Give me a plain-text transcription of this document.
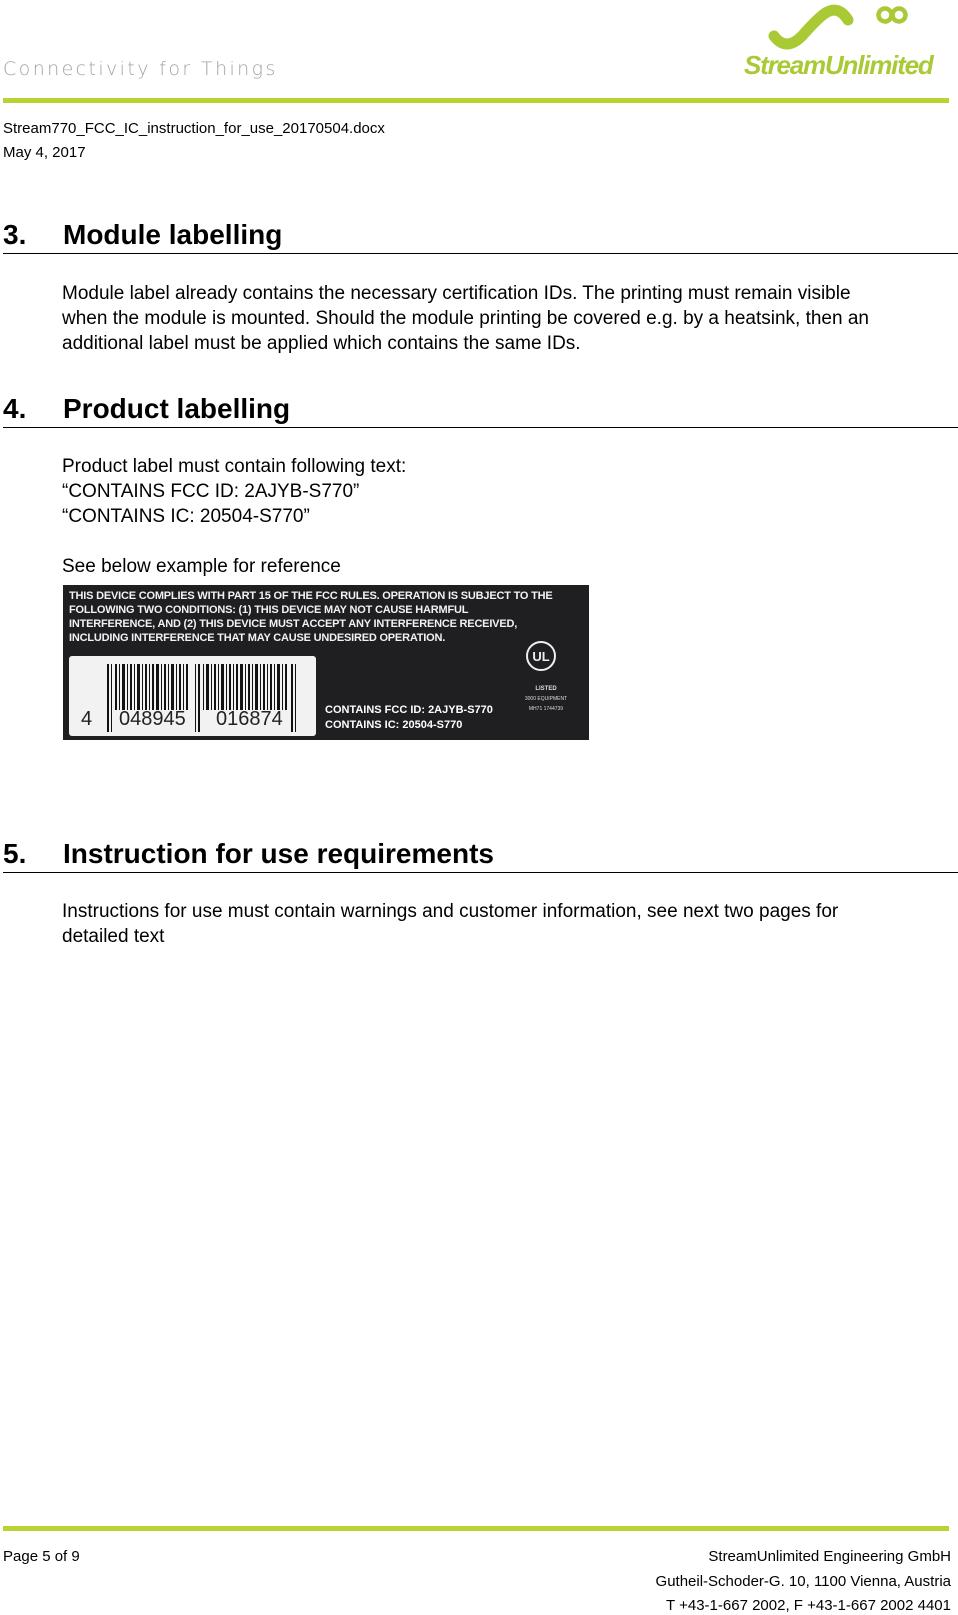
Connectivity for Things	StreamUnlimited
Stream770_FCC_IC_instruction_for_use_20170504.docx
May 4, 2017
3. Module labelling
Module label already contains the necessary certification IDs. The printing must remain visible
when the module is mounted. Should the module printing be covered e.g. by a heatsink, then an
additional label must be applied which contains the same IDs.
4. Product labelling
Product label must contain following text:
“CONTAINS FCC ID: 2AJYB-S770”
“CONTAINS IC: 20504-S770”
See below example for reference
THIS DEVICE COMPLIES WITH PART 15 OF THE FCC RULES. OPERATION IS SUBJECT TO THE
FOLLOWING TWO CONDITIONS: (1) THIS DEVICE MAY NOT CAUSE HARMFUL
INTERFERENCE, AND (2) THIS DEVICE MUST ACCEPT ANY INTERFERENCE RECEIVED,
INCLUDING INTERFERENCE THAT MAY CAUSE UNDESIRED OPERATION.
4 048945 016874
UL
LISTED
3000 EQUIPMENT
MH71 1744739
CONTAINS FCC ID: 2AJYB-S770
CONTAINS IC: 20504-S770
5. Instruction for use requirements
Instructions for use must contain warnings and customer information, see next two pages for
detailed text
Page 5 of 9	StreamUnlimited Engineering GmbH
Gutheil-Schoder-G. 10, 1100 Vienna, Austria
T +43-1-667 2002, F +43-1-667 2002 4401
